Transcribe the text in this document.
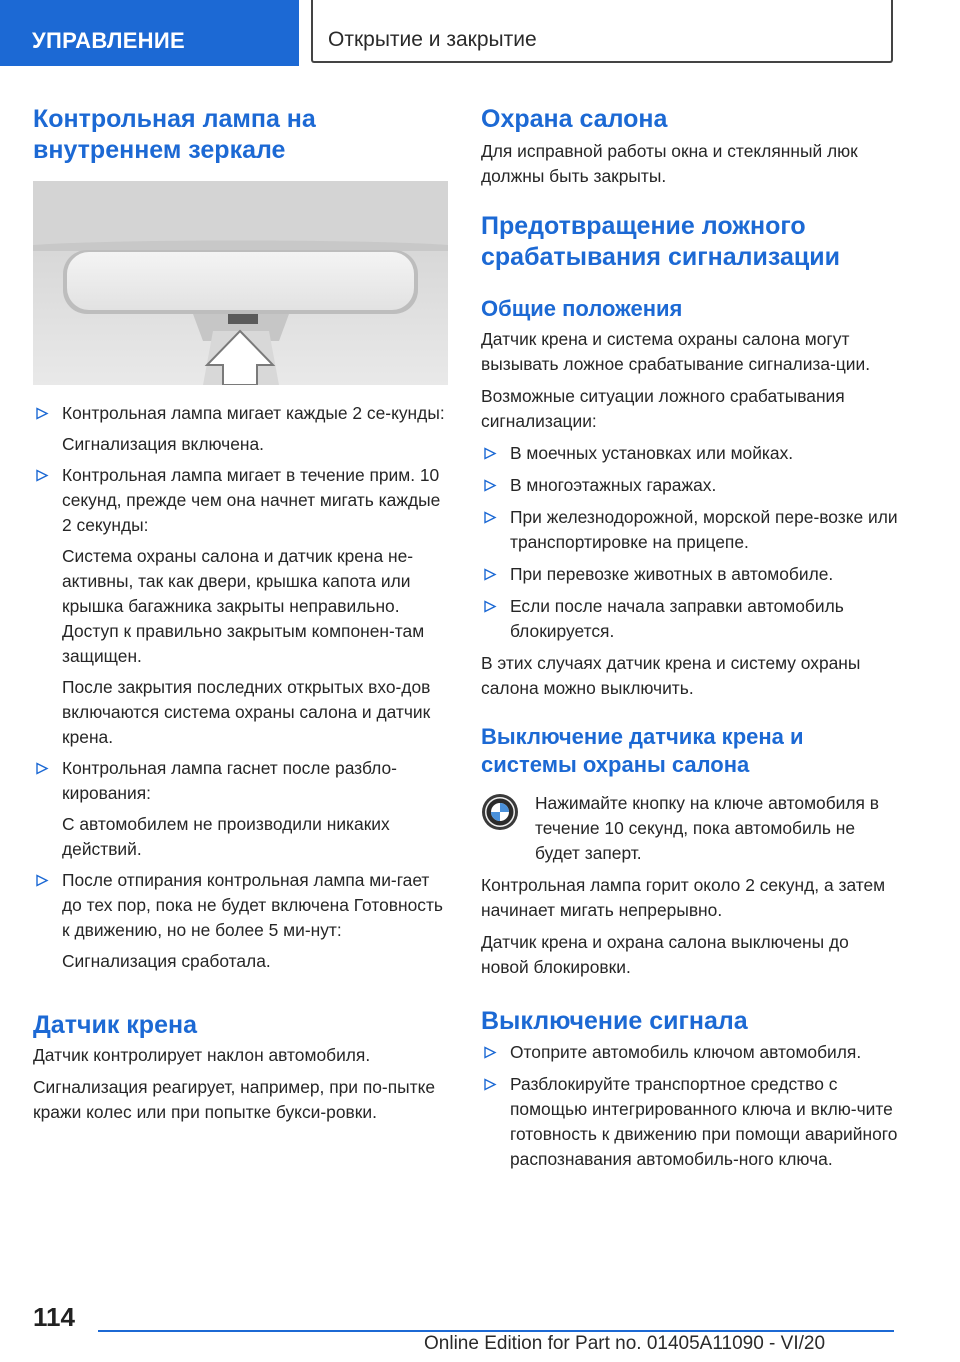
УПРАВЛЕНИЕ	Открытие и закрытие
Контрольная лампа на внутреннем зеркале
Контрольная лампа мигает каждые 2 се-кунды:
Сигнализация включена.
Контрольная лампа мигает в течение прим. 10 секунд, прежде чем она начнет мигать каждые 2 секунды:
Система охраны салона и датчик крена не-активны, так как двери, крышка капота или крышка багажника закрыты неправильно. Доступ к правильно закрытым компонен-там защищен.
После закрытия последних открытых вхо-дов включаются система охраны салона и датчик крена.
Контрольная лампа гаснет после разбло-кирования:
С автомобилем не производили никаких действий.
После отпирания контрольная лампа ми-гает до тех пор, пока не будет включена Готовность к движению, но не более 5 ми-нут:
Сигнализация сработала.
Датчик крена

Датчик контролирует наклон автомобиля.

Сигнализация реагирует, например, при по-пытке кражи колес или при попытке букси-ровки.

Охрана салона

Для исправной работы окна и стеклянный люк должны быть закрыты.

Предотвращение ложного срабатывания сигнализации
Общие положения

Датчик крена и система охраны салона могут вызывать ложное срабатывание сигнализа-ции.

Возможные ситуации ложного срабатывания сигнализации:

В моечных установках или мойках.
В многоэтажных гаражах.
При железнодорожной, морской пере-возке или транспортировке на прицепе.
При перевозке животных в автомобиле.
Если после начала заправки автомобиль блокируется.

В этих случаях датчик крена и систему охраны салона можно выключить.

Выключение датчика крена и системы охраны салона

Нажимайте кнопку на ключе автомобиля в течение 10 секунд, пока автомобиль не будет заперт.

Контрольная лампа горит около 2 секунд, а затем начинает мигать непрерывно.

Датчик крена и охрана салона выключены до новой блокировки.

Выключение сигнала
Отоприте автомобиль ключом автомобиля.
Разблокируйте транспортное средство с помощью интегрированного ключа и вклю-чите готовность к движению при помощи аварийного распознавания автомобиль-ного ключа.
114
Online Edition for Part no. 01405A11090 - VI/20
